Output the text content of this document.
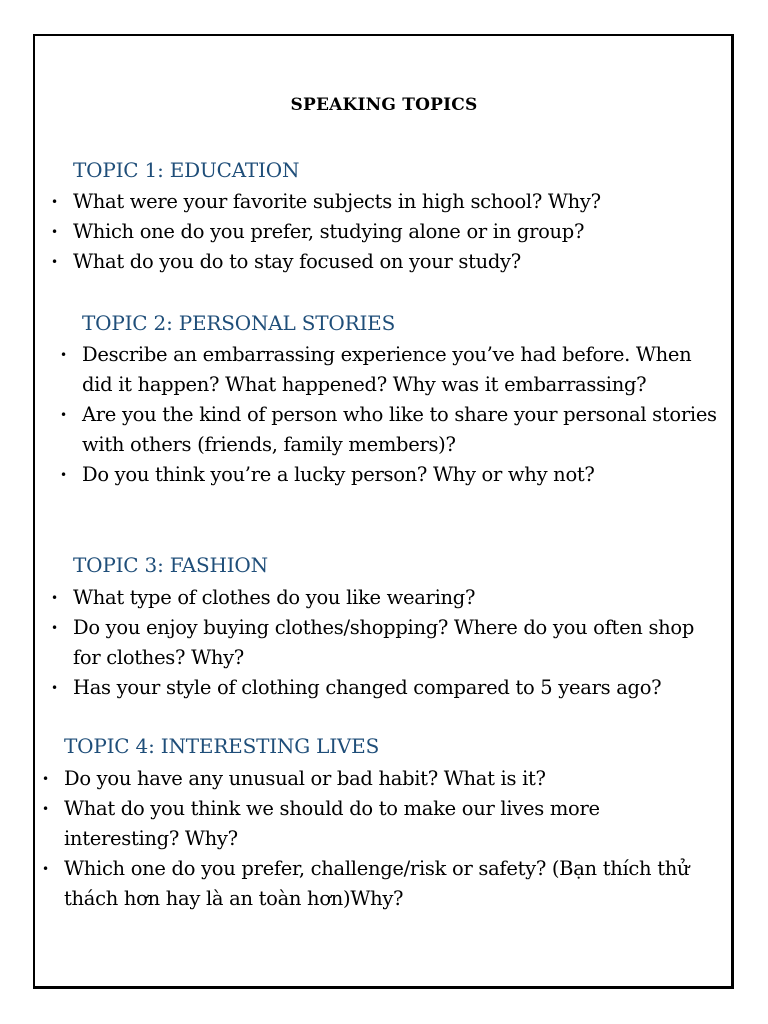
SPEAKING TOPICS
TOPIC 1: EDUCATION
• What were your favorite subjects in high school? Why?
• Which one do you prefer, studying alone or in group?
• What do you do to stay focused on your study?
TOPIC 2: PERSONAL STORIES
• Describe an embarrassing experience you’ve had before. When did it happen? What happened? Why was it embarrassing?
• Are you the kind of person who like to share your personal stories with others (friends, family members)?
• Do you think you’re a lucky person? Why or why not?
TOPIC 3: FASHION
• What type of clothes do you like wearing?
• Do you enjoy buying clothes/shopping? Where do you often shop for clothes? Why?
• Has your style of clothing changed compared to 5 years ago?
TOPIC 4: INTERESTING LIVES
• Do you have any unusual or bad habit? What is it?
• What do you think we should do to make our lives more interesting? Why?
• Which one do you prefer, challenge/risk or safety? (Bạn thích thử thách hơn hay là an toàn hơn)Why?
